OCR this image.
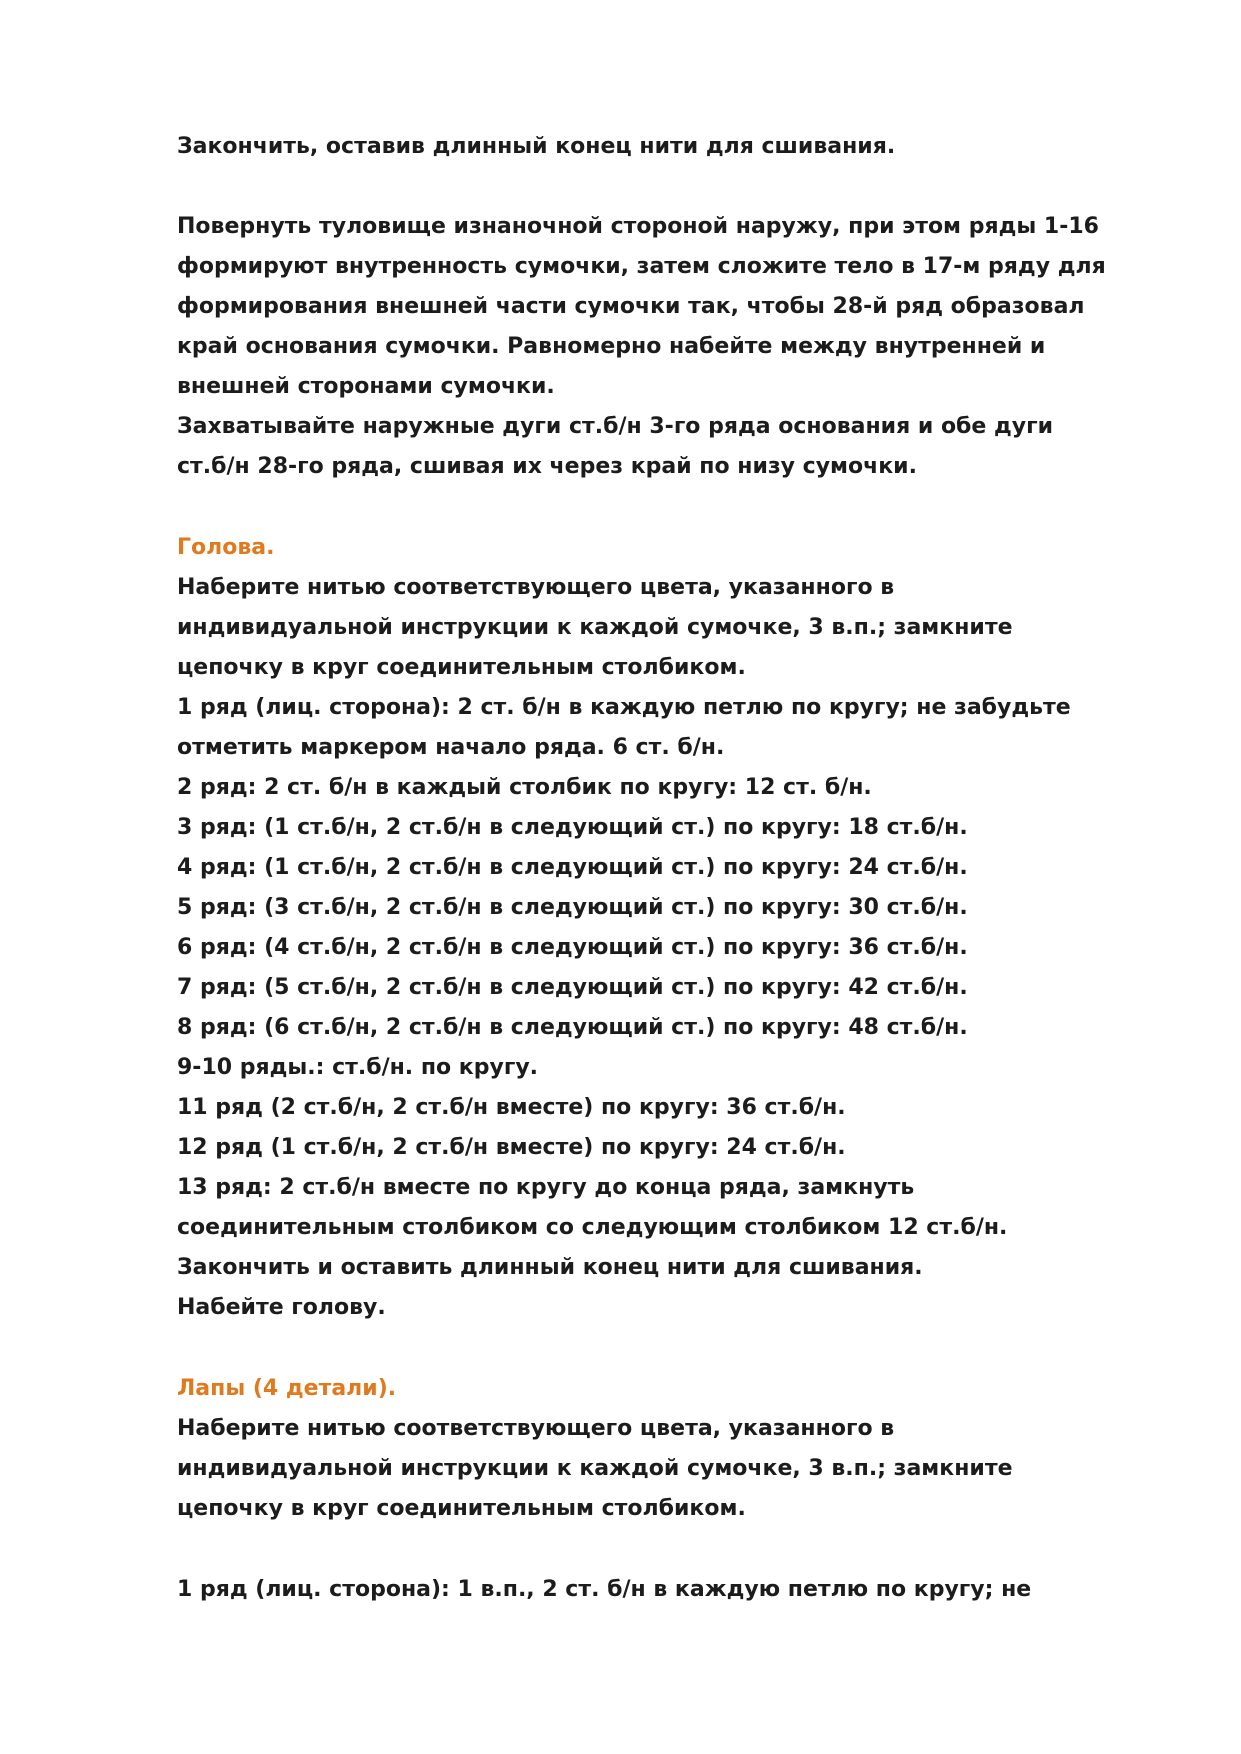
Закончить, оставив длинный конец нити для сшивания.

Повернуть туловище изнаночной стороной наружу, при этом ряды 1-16

формируют внутренность сумочки, затем сложите тело в 17-м ряду для

формирования внешней части сумочки так, чтобы 28-й ряд образовал

край основания сумочки. Равномерно набейте между внутренней и

внешней сторонами сумочки.

Захватывайте наружные дуги ст.б/н 3-го ряда основания и обе дуги

ст.б/н 28-го ряда, сшивая их через край по низу сумочки.

Голова.

Наберите нитью соответствующего цвета, указанного в

индивидуальной инструкции к каждой сумочке, 3 в.п.; замкните

цепочку в круг соединительным столбиком.

1 ряд (лиц. сторона): 2 ст. б/н в каждую петлю по кругу; не забудьте

отметить маркером начало ряда. 6 ст. б/н.

2 ряд: 2 ст. б/н в каждый столбик по кругу: 12 ст. б/н.

3 ряд: (1 ст.б/н, 2 ст.б/н в следующий ст.) по кругу: 18 ст.б/н.

4 ряд: (1 ст.б/н, 2 ст.б/н в следующий ст.) по кругу: 24 ст.б/н.

5 ряд: (3 ст.б/н, 2 ст.б/н в следующий ст.) по кругу: 30 ст.б/н.

6 ряд: (4 ст.б/н, 2 ст.б/н в следующий ст.) по кругу: 36 ст.б/н.

7 ряд: (5 ст.б/н, 2 ст.б/н в следующий ст.) по кругу: 42 ст.б/н.

8 ряд: (6 ст.б/н, 2 ст.б/н в следующий ст.) по кругу: 48 ст.б/н.

9-10 ряды.: ст.б/н. по кругу.

11 ряд (2 ст.б/н, 2 ст.б/н вместе) по кругу: 36 ст.б/н.

12 ряд (1 ст.б/н, 2 ст.б/н вместе) по кругу: 24 ст.б/н.

13 ряд: 2 ст.б/н вместе по кругу до конца ряда, замкнуть

соединительным столбиком со следующим столбиком 12 ст.б/н.

Закончить и оставить длинный конец нити для сшивания.

Набейте голову.

Лапы (4 детали).

Наберите нитью соответствующего цвета, указанного в

индивидуальной инструкции к каждой сумочке, 3 в.п.; замкните

цепочку в круг соединительным столбиком.

1 ряд (лиц. сторона): 1 в.п., 2 ст. б/н в каждую петлю по кругу; не
